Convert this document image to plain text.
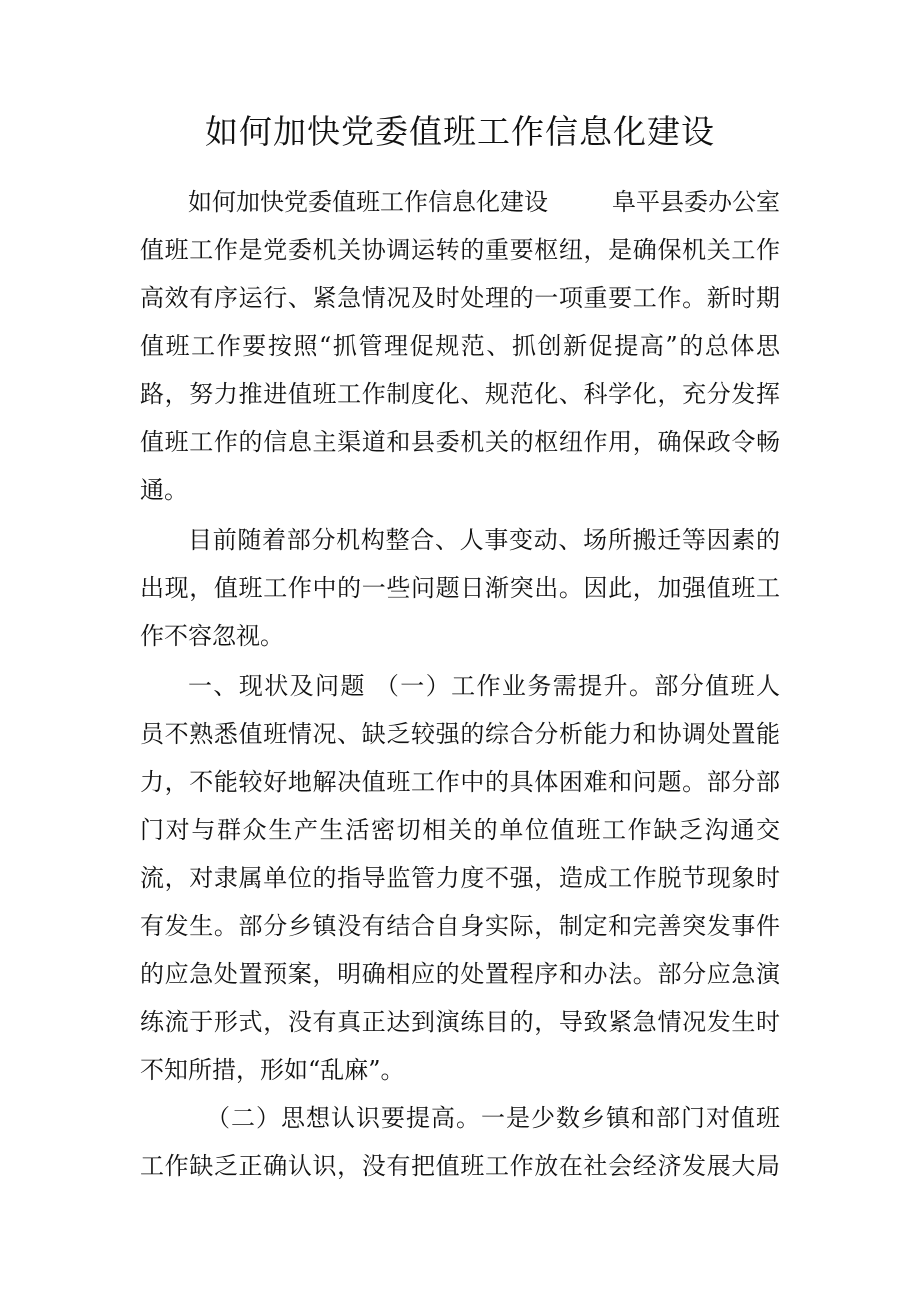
如何加快党委值班工作信息化建设
如何加快党委值班工作信息化建设	阜平县委办公室
值班工作是党委机关协调运转的重要枢纽，是确保机关工作
高效有序运行、紧急情况及时处理的一项重要工作。新时期
值班工作要按照“抓管理促规范、抓创新促提高”的总体思
路，努力推进值班工作制度化、规范化、科学化，充分发挥
值班工作的信息主渠道和县委机关的枢纽作用，确保政令畅
通。
目前随着部分机构整合、人事变动、场所搬迁等因素的
出现，值班工作中的一些问题日渐突出。因此，加强值班工
作不容忽视。
一、现状及问题 （一）工作业务需提升。部分值班人
员不熟悉值班情况、缺乏较强的综合分析能力和协调处置能
力，不能较好地解决值班工作中的具体困难和问题。部分部
门对与群众生产生活密切相关的单位值班工作缺乏沟通交
流，对隶属单位的指导监管力度不强，造成工作脱节现象时
有发生。部分乡镇没有结合自身实际，制定和完善突发事件
的应急处置预案，明确相应的处置程序和办法。部分应急演
练流于形式，没有真正达到演练目的，导致紧急情况发生时
不知所措，形如“乱麻”。
（二）思想认识要提高。一是少数乡镇和部门对值班
工作缺乏正确认识，没有把值班工作放在社会经济发展大局
